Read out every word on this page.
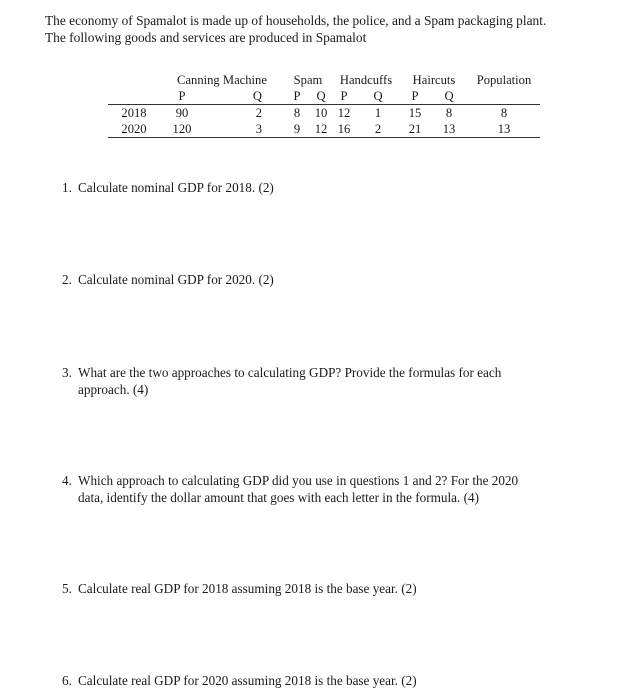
The economy of Spamalot is made up of households, the police, and a Spam packaging plant.

The following goods and services are produced in Spamalot

	Canning Machine		Spam		Handcuffs		Haircuts		Population
	P	Q	P	Q	P	Q	P	Q	
2018	90	2	8	10	12	1	15	8	8
2020	120	3	9	12	16	2	21	13	13
1. Calculate nominal GDP for 2018. (2)
2. Calculate nominal GDP for 2020. (2)
3. What are the two approaches to calculating GDP? Provide the formulas for each
approach. (4)
4. Which approach to calculating GDP did you use in questions 1 and 2? For the 2020
data, identify the dollar amount that goes with each letter in the formula. (4)
5. Calculate real GDP for 2018 assuming 2018 is the base year. (2)
6. Calculate real GDP for 2020 assuming 2018 is the base year. (2)
